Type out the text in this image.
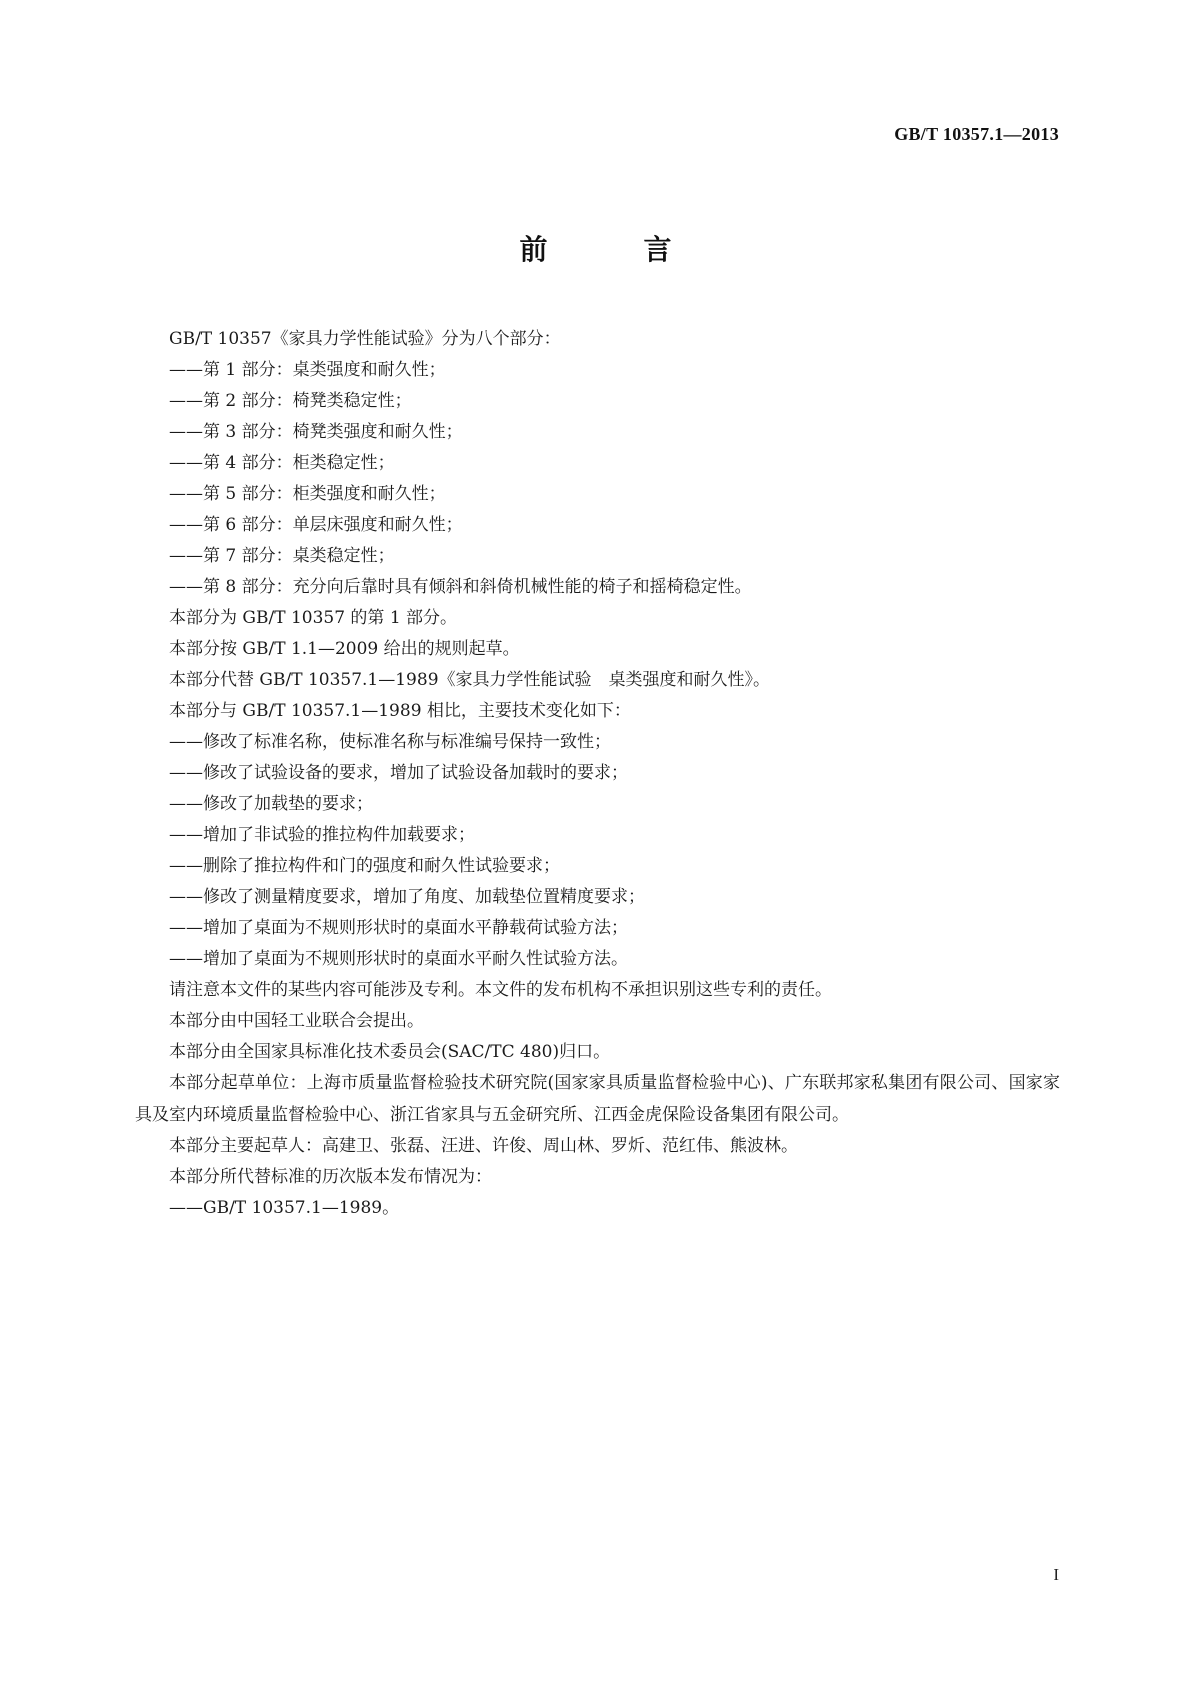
GB/T 10357.1—2013
前　言

GB/T 10357《家具力学性能试验》分为八个部分：

——第 1 部分：桌类强度和耐久性；

——第 2 部分：椅凳类稳定性；

——第 3 部分：椅凳类强度和耐久性；

——第 4 部分：柜类稳定性；

——第 5 部分：柜类强度和耐久性；

——第 6 部分：单层床强度和耐久性；

——第 7 部分：桌类稳定性；

——第 8 部分：充分向后靠时具有倾斜和斜倚机械性能的椅子和摇椅稳定性。

本部分为 GB/T 10357 的第 1 部分。

本部分按 GB/T 1.1—2009 给出的规则起草。

本部分代替 GB/T 10357.1—1989《家具力学性能试验　桌类强度和耐久性》。

本部分与 GB/T 10357.1—1989 相比，主要技术变化如下：

——修改了标准名称，使标准名称与标准编号保持一致性；

——修改了试验设备的要求，增加了试验设备加载时的要求；

——修改了加载垫的要求；

——增加了非试验的推拉构件加载要求；

——删除了推拉构件和门的强度和耐久性试验要求；

——修改了测量精度要求，增加了角度、加载垫位置精度要求；

——增加了桌面为不规则形状时的桌面水平静载荷试验方法；

——增加了桌面为不规则形状时的桌面水平耐久性试验方法。

请注意本文件的某些内容可能涉及专利。本文件的发布机构不承担识别这些专利的责任。

本部分由中国轻工业联合会提出。

本部分由全国家具标准化技术委员会(SAC/TC 480)归口。

本部分起草单位：上海市质量监督检验技术研究院(国家家具质量监督检验中心)、广东联邦家私集团有限公司、国家家具及室内环境质量监督检验中心、浙江省家具与五金研究所、江西金虎保险设备集团有限公司。

本部分主要起草人：高建卫、张磊、汪进、许俊、周山林、罗炘、范红伟、熊波林。

本部分所代替标准的历次版本发布情况为：

——GB/T 10357.1—1989。

I
